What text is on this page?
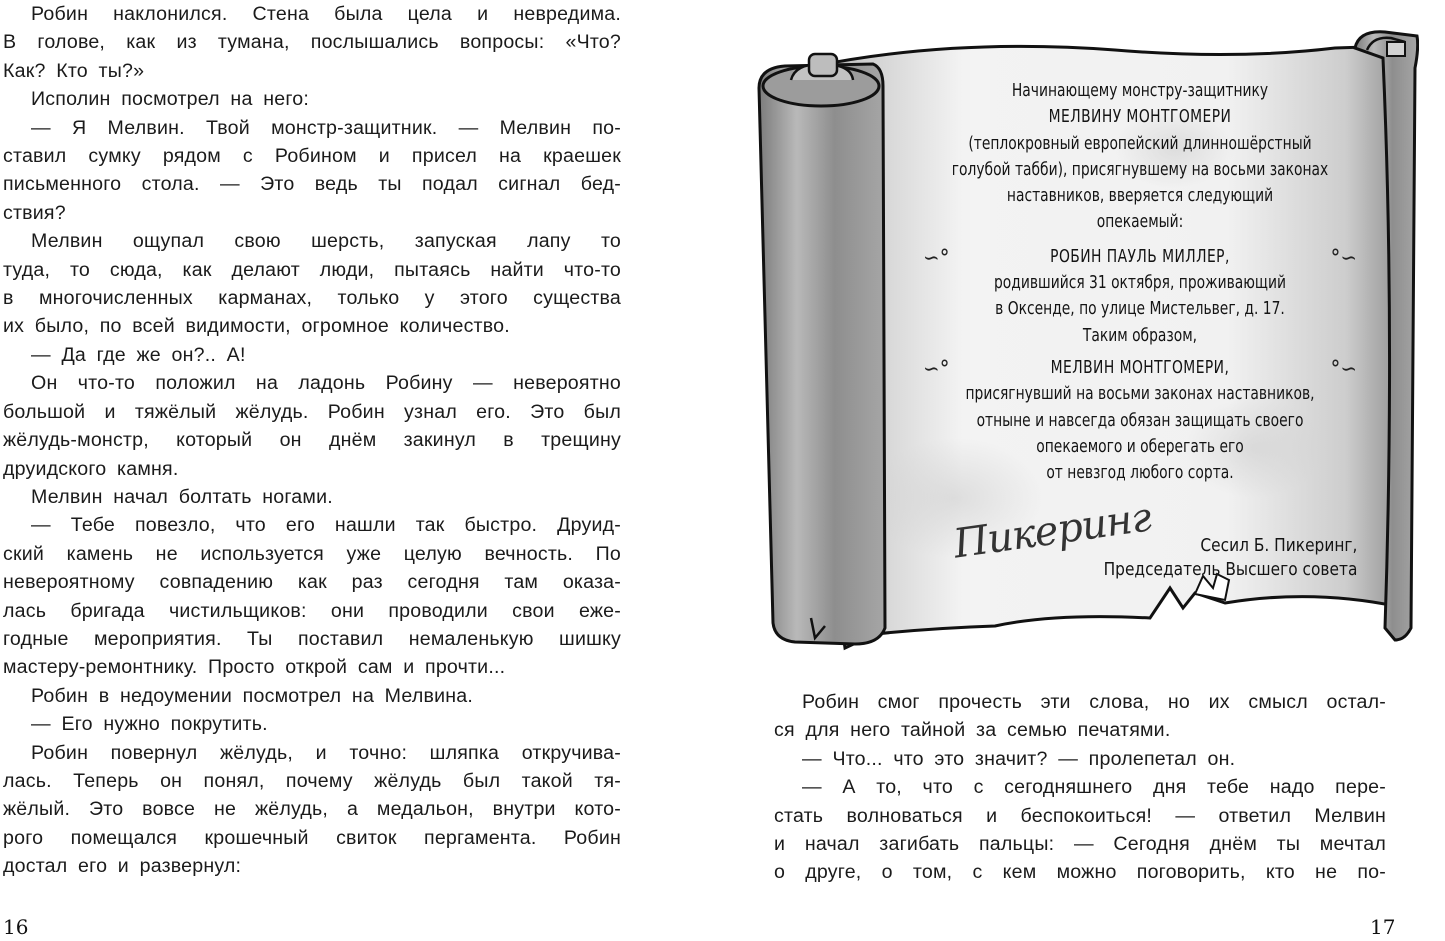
Робин наклонился. Стена была цела и невредима.
В голове, как из тумана, послышались вопросы: «Что?
Как? Кто ты?»

Исполин посмотрел на него:

— Я Мелвин. Твой монстр-защитник. — Мелвин по-
ставил сумку рядом с Робином и присел на краешек
письменного стола. — Это ведь ты подал сигнал бед-
ствия?

Мелвин ощупал свою шерсть, запуская лапу то
туда, то сюда, как делают люди, пытаясь найти что-то
в многочисленных карманах, только у этого существа
их было, по всей видимости, огромное количество.

— Да где же он?.. А!

Он что-то положил на ладонь Робину — невероятно
большой и тяжёлый жёлудь. Робин узнал его. Это был
жёлудь-монстр, который он днём закинул в трещину
друидского камня.

Мелвин начал болтать ногами.

— Тебе повезло, что его нашли так быстро. Друид-
ский камень не используется уже целую вечность. По
невероятному совпадению как раз сегодня там оказа-
лась бригада чистильщиков: они проводили свои еже-
годные мероприятия. Ты поставил немаленькую шишку
мастеру-ремонтнику. Просто открой сам и прочти...

Робин в недоумении посмотрел на Мелвина.

— Его нужно покрутить.

Робин повернул жёлудь, и точно: шляпка откручива-
лась. Теперь он понял, почему жёлудь был такой тя-
жёлый. Это вовсе не жёлудь, а медальон, внутри кото-
рого помещался крошечный свиток пергамента. Робин
достал его и развернул:

16
Начинающему монстру-защитнику
МЕЛВИНУ МОНТГОМЕРИ
(теплокровный европейский длинношёрстный
голубой табби), присягнувшему на восьми законах
наставников, вверяется следующий
опекаемый:
∽°	РОБИН ПАУЛЬ МИЛЛЕР,	°∽
родившийся 31 октября, проживающий
в Оксенде, по улице Мистельвег, д. 17.
Таким образом,
∽°	МЕЛВИН МОНТГОМЕРИ,	°∽
присягнувший на восьми законах наставников,
отныне и навсегда обязан защищать своего
опекаемого и оберегать его
от невзгод любого сорта.
Пикеринг	Сесил Б. Пикеринг,
Председатель Высшего совета

Робин смог прочесть эти слова, но их смысл остал-
ся для него тайной за семью печатями.

— Что... что это значит? — пролепетал он.

— А то, что с сегодняшнего дня тебе надо пере-
стать волноваться и беспокоиться! — ответил Мелвин
и начал загибать пальцы: — Сегодня днём ты мечтал
о друге, о том, с кем можно поговорить, кто не по-

17
